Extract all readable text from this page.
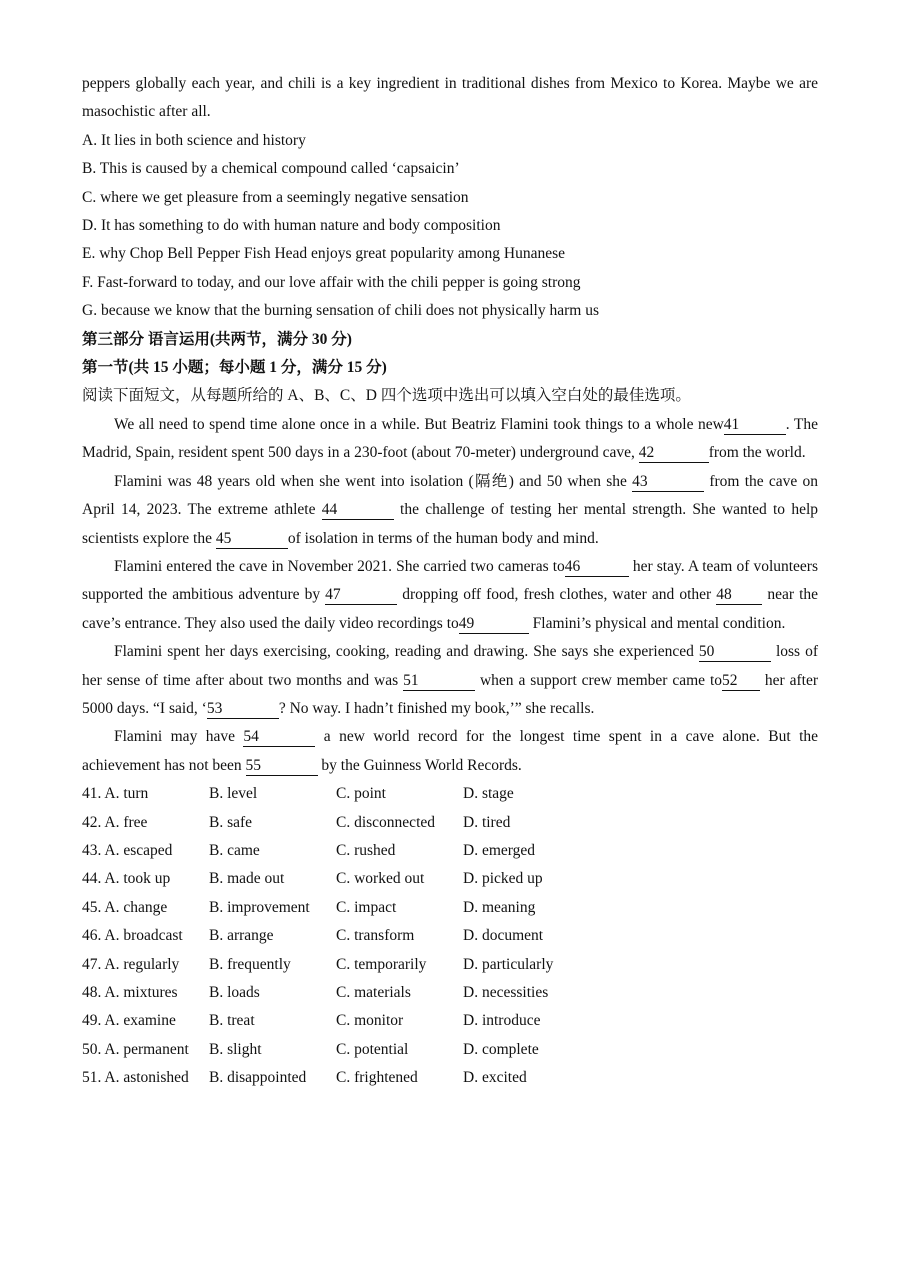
peppers globally each year, and chili is a key ingredient in traditional dishes from Mexico to Korea. Maybe we are masochistic after all.

A. It lies in both science and history

B. This is caused by a chemical compound called ‘capsaicin’

C. where we get pleasure from a seemingly negative sensation

D. It has something to do with human nature and body composition

E. why Chop Bell Pepper Fish Head enjoys great popularity among Hunanese

F. Fast-forward to today, and our love affair with the chili pepper is going strong

G. because we know that the burning sensation of chili does not physically harm us

第三部分 语言运用(共两节，满分 30 分)

第一节(共 15 小题；每小题 1 分，满分 15 分)

阅读下面短文，从每题所给的 A、B、C、D 四个选项中选出可以填入空白处的最佳选项。

We all need to spend time alone once in a while. But Beatriz Flamini took things to a whole new41	. The Madrid, Spain, resident spent 500 days in a 230-foot (about 70-meter) underground cave, 42	from the world.

Flamini was 48 years old when she went into isolation (隔绝) and 50 when she 43	from the cave on April 14, 2023. The extreme athlete 44	the challenge of testing her mental strength. She wanted to help scientists explore the 45	of isolation in terms of the human body and mind.

Flamini entered the cave in November 2021. She carried two cameras to46	her stay. A team of volunteers supported the ambitious adventure by 47	dropping off food, fresh clothes, water and other 48 near the cave’s entrance. They also used the daily video recordings to49	Flamini’s physical and mental condition.

Flamini spent her days exercising, cooking, reading and drawing. She says she experienced 50	loss of her sense of time after about two months and was 51	when a support crew member came to52 her after 5000 days. “I said, ‘53	? No way. I hadn’t finished my book,’” she recalls.

Flamini may have 54	a new world record for the longest time spent in a cave alone. But the achievement has not been 55	by the Guinness World Records.

41. A. turn	B. level	C. point	D. stage
42. A. free	B. safe	C. disconnected	D. tired
43. A. escaped	B. came	C. rushed	D. emerged
44. A. took up	B. made out	C. worked out	D. picked up
45. A. change	B. improvement	C. impact	D. meaning
46. A. broadcast	B. arrange	C. transform	D. document
47. A. regularly	B. frequently	C. temporarily	D. particularly
48. A. mixtures	B. loads	C. materials	D. necessities
49. A. examine	B. treat	C. monitor	D. introduce
50. A. permanent	B. slight	C. potential	D. complete
51. A. astonished	B. disappointed	C. frightened	D. excited
